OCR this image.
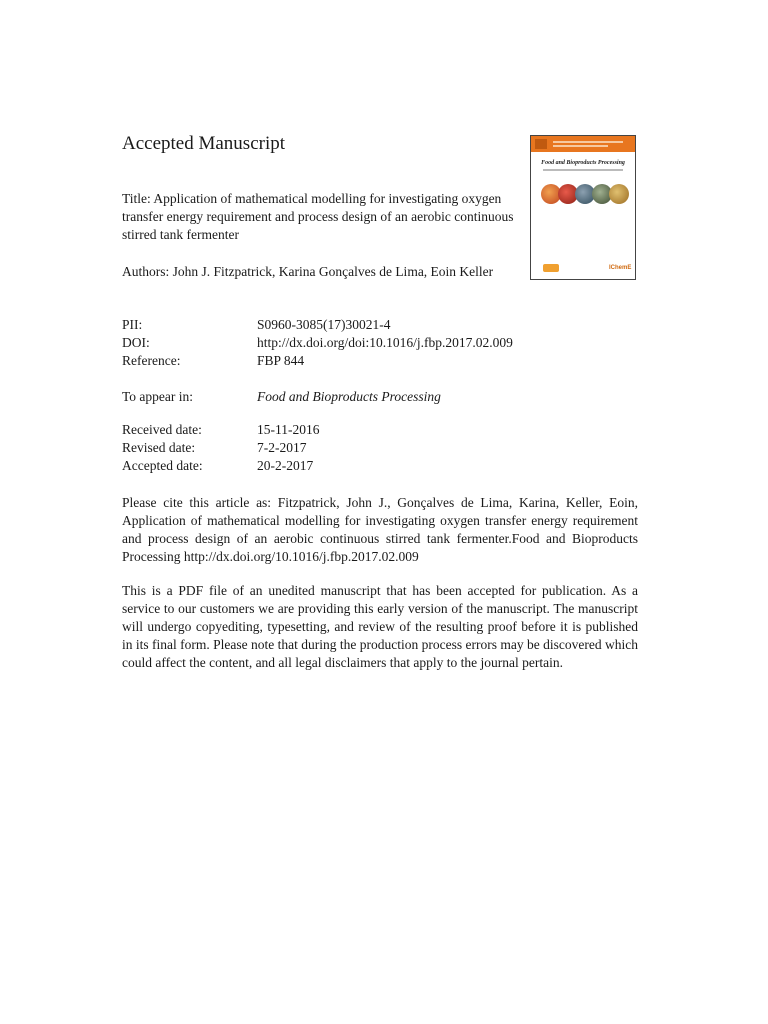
Accepted Manuscript
Food and Bioproducts Processing
IChemE
Title: Application of mathematical modelling for investigating oxygen transfer energy requirement and process design of an aerobic continuous stirred tank fermenter
Authors: John J. Fitzpatrick, Karina Gonçalves de Lima, Eoin Keller
PII:	S0960-3085(17)30021-4
DOI:	http://dx.doi.org/doi:10.1016/j.fbp.2017.02.009
Reference:	FBP 844
To appear in:	Food and Bioproducts Processing
Received date:	15-11-2016
Revised date:	7-2-2017
Accepted date:	20-2-2017

Please cite this article as: Fitzpatrick, John J., Gonçalves de Lima, Karina, Keller, Eoin, Application of mathematical modelling for investigating oxygen transfer energy requirement and process design of an aerobic continuous stirred tank fermenter.Food and Bioproducts Processing http://dx.doi.org/10.1016/j.fbp.2017.02.009

This is a PDF file of an unedited manuscript that has been accepted for publication. As a service to our customers we are providing this early version of the manuscript. The manuscript will undergo copyediting, typesetting, and review of the resulting proof before it is published in its final form. Please note that during the production process errors may be discovered which could affect the content, and all legal disclaimers that apply to the journal pertain.
